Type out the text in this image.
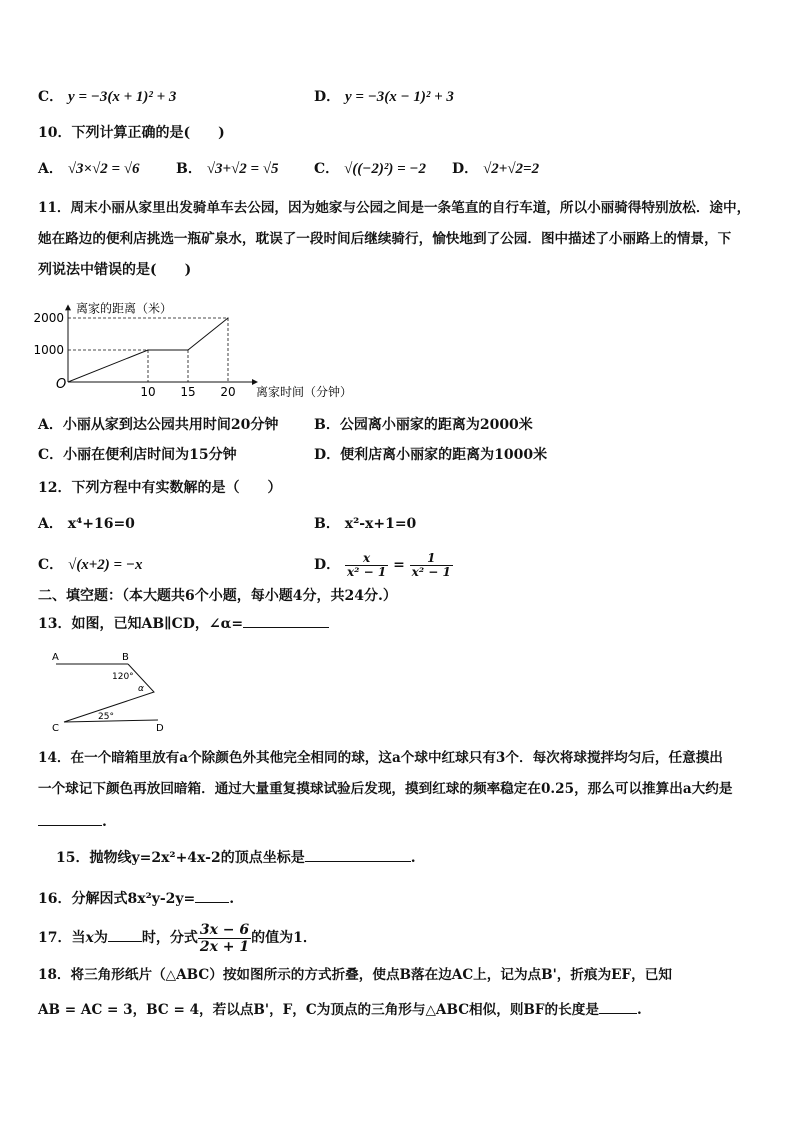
C． y = −3(x + 1)² + 3	D． y = −3(x − 1)² + 3
10．下列计算正确的是(　　)
A． √3×√2 = √6	B． √3+√2 = √5	C． √((−2)²) = −2 D． √2+√2=2
11．周末小丽从家里出发骑单车去公园，因为她家与公园之间是一条笔直的自行车道，所以小丽骑得特别放松．途中，
她在路边的便利店挑选一瓶矿泉水，耽误了一段时间后继续骑行，愉快地到了公园．图中描述了小丽路上的情景，下
列说法中错误的是(　　)
离家的距离（米）
离家时间（分钟）
O
1000
2000
10 15 20
A．小丽从家到达公园共用时间20分钟	B．公园离小丽家的距离为2000米
C．小丽在便利店时间为15分钟	D．便利店离小丽家的距离为1000米
12．下列方程中有实数解的是（　　）
A． x⁴+16=0	B． x²-x+1=0
C． √(x+2) = −x	D． $\frac{x}{\text{x² − 1}} = \frac{1}{\text{x² − 1}}$
二、填空题：（本大题共6个小题，每小题4分，共24分.）
13．如图，已知AB∥CD，∠α=
A	B
120°
α
25°
C	D
14．在一个暗箱里放有a个除颜色外其他完全相同的球，这a个球中红球只有3个．每次将球搅拌均匀后，任意摸出
一个球记下颜色再放回暗箱．通过大量重复摸球试验后发现，摸到红球的频率稳定在0.25，那么可以推算出a大约是
.
15．抛物线y=2x²+4x-2的顶点坐标是	.
16．分解因式8x²y-2y= .
17．当x为 时，分式 $\frac{3x - 6}{2x + 1}$ 的值为1．
18．将三角形纸片（△ABC）按如图所示的方式折叠，使点B落在边AC上，记为点B'，折痕为EF，已知
AB = AC = 3，BC = 4，若以点B'，F，C为顶点的三角形与△ABC相似，则BF的长度是	.
